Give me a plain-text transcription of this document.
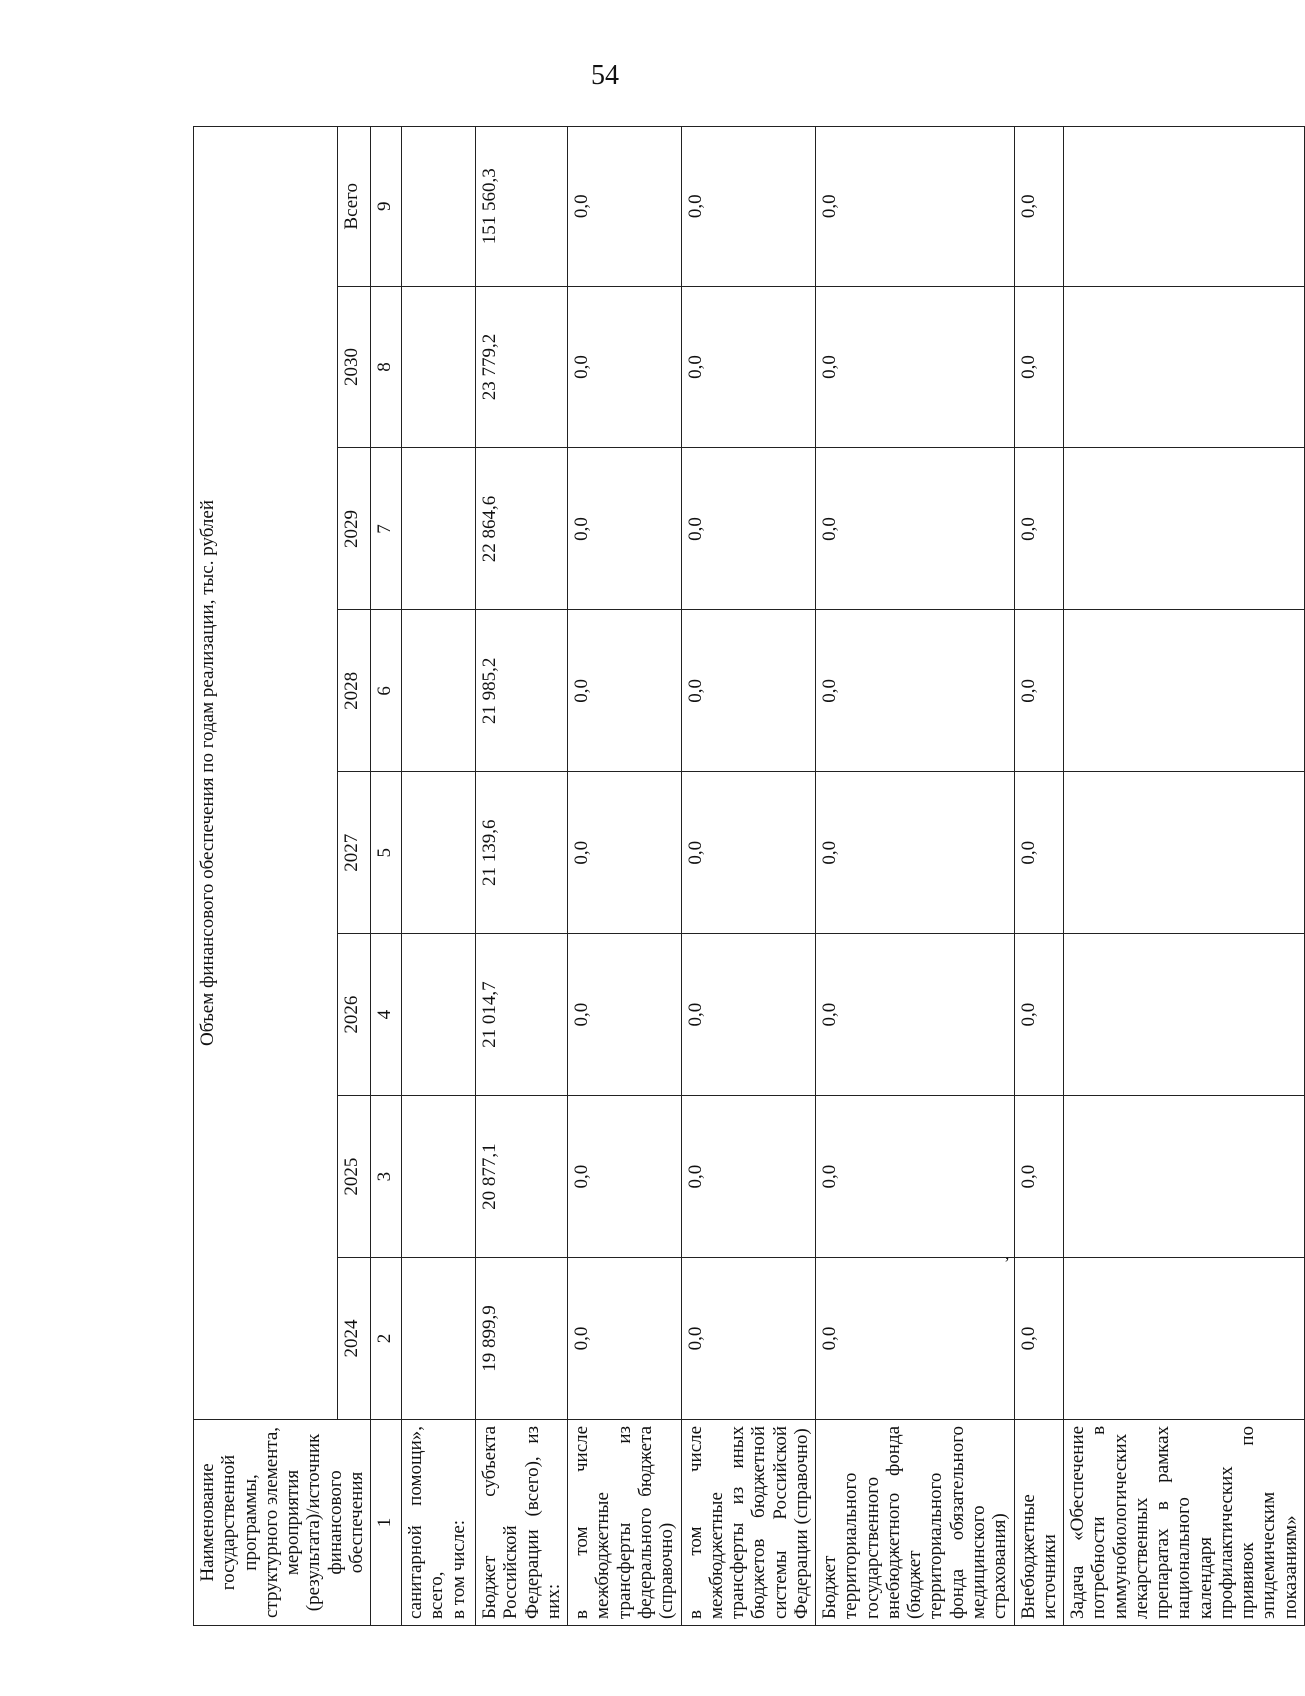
54
’
Наименование государственной программы, структурного элемента, мероприятия (результата)/источник финансового обеспечения	Объем финансового обеспечения по годам реализации, тыс. рублей							
	2024	2025	2026	2027	2028	2029	2030	Всего
1	2	3	4	5	6	7	8	9

санитарной помощи», всего, в том числе:								

Бюджет субъекта Российской Федерации (всего), из них:	19 899,9	20 877,1	21 014,7	21 139,6	21 985,2	22 864,6	23 779,2	151 560,3
в том числе межбюджетные трансферты из федерального бюджета (справочно)	0,0	0,0	0,0	0,0	0,0	0,0	0,0	0,0
в том числе межбюджетные трансферты из иных бюджетов бюджетной системы Российской Федерации (справочно)	0,0	0,0	0,0	0,0	0,0	0,0	0,0	0,0
Бюджет территориального государственного внебюджетного фонда (бюджет территориального фонда обязательного медицинского страхования)	0,0	0,0	0,0	0,0	0,0	0,0	0,0	0,0
Внебюджетные источники	0,0	0,0	0,0	0,0	0,0	0,0	0,0	0,0
Задача «Обеспечение потребности в иммунобиологических лекарственных препаратах в рамках национального календаря профилактических прививок по эпидемическим показаниям»								
